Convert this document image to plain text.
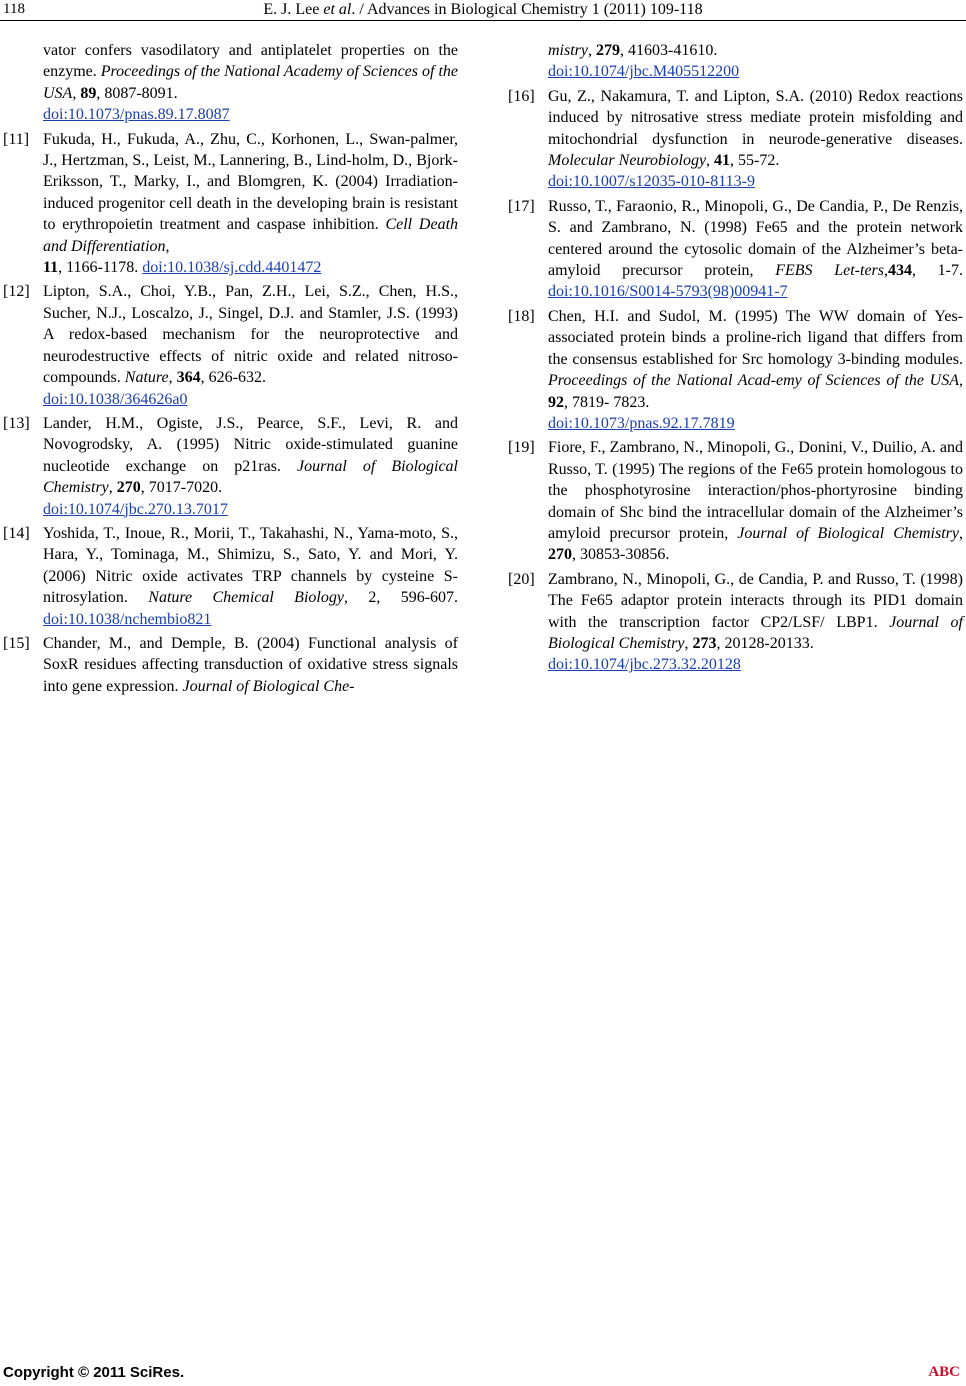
118	E. J. Lee et al. / Advances in Biological Chemistry 1 (2011) 109-118
vator confers vasodilatory and antiplatelet properties on the enzyme. Proceedings of the National Academy of Sciences of the USA, 89, 8087-8091.
doi:10.1073/pnas.89.17.8087
[11] Fukuda, H., Fukuda, A., Zhu, C., Korhonen, L., Swan-palmer, J., Hertzman, S., Leist, M., Lannering, B., Lind-holm, D., Bjork-Eriksson, T., Marky, I., and Blomgren, K. (2004) Irradiation-induced progenitor cell death in the developing brain is resistant to erythropoietin treatment and caspase inhibition. Cell Death and Differentiation,
11, 1166-1178. doi:10.1038/sj.cdd.4401472
[12] Lipton, S.A., Choi, Y.B., Pan, Z.H., Lei, S.Z., Chen, H.S., Sucher, N.J., Loscalzo, J., Singel, D.J. and Stamler, J.S. (1993) A redox-based mechanism for the neuroprotective and neurodestructive effects of nitric oxide and related nitroso-compounds. Nature, 364, 626-632.
doi:10.1038/364626a0
[13] Lander, H.M., Ogiste, J.S., Pearce, S.F., Levi, R. and Novogrodsky, A. (1995) Nitric oxide-stimulated guanine nucleotide exchange on p21ras. Journal of Biological Chemistry, 270, 7017-7020.
doi:10.1074/jbc.270.13.7017
[14] Yoshida, T., Inoue, R., Morii, T., Takahashi, N., Yama-moto, S., Hara, Y., Tominaga, M., Shimizu, S., Sato, Y. and Mori, Y. (2006) Nitric oxide activates TRP channels by cysteine S-nitrosylation. Nature Chemical Biology, 2, 596-607. doi:10.1038/nchembio821
[15] Chander, M., and Demple, B. (2004) Functional analysis of SoxR residues affecting transduction of oxidative stress signals into gene expression. Journal of Biological Che-
mistry, 279, 41603-41610.
doi:10.1074/jbc.M405512200
[16] Gu, Z., Nakamura, T. and Lipton, S.A. (2010) Redox reactions induced by nitrosative stress mediate protein misfolding and mitochondrial dysfunction in neurode-generative diseases. Molecular Neurobiology, 41, 55-72.
doi:10.1007/s12035-010-8113-9
[17] Russo, T., Faraonio, R., Minopoli, G., De Candia, P., De Renzis, S. and Zambrano, N. (1998) Fe65 and the protein network centered around the cytosolic domain of the Alzheimer’s beta-amyloid precursor protein, FEBS Let-ters,434, 1-7. doi:10.1016/S0014-5793(98)00941-7
[18] Chen, H.I. and Sudol, M. (1995) The WW domain of Yes-associated protein binds a proline-rich ligand that differs from the consensus established for Src homology 3-binding modules. Proceedings of the National Acad-emy of Sciences of the USA, 92, 7819- 7823.
doi:10.1073/pnas.92.17.7819
[19] Fiore, F., Zambrano, N., Minopoli, G., Donini, V., Duilio, A. and Russo, T. (1995) The regions of the Fe65 protein homologous to the phosphotyrosine interaction/phos-phortyrosine binding domain of Shc bind the intracellular domain of the Alzheimer’s amyloid precursor protein, Journal of Biological Chemistry, 270, 30853-30856.
[20] Zambrano, N., Minopoli, G., de Candia, P. and Russo, T. (1998) The Fe65 adaptor protein interacts through its PID1 domain with the transcription factor CP2/LSF/ LBP1. Journal of Biological Chemistry, 273, 20128-20133.
doi:10.1074/jbc.273.32.20128
Copyright © 2011 SciRes.	ABC
